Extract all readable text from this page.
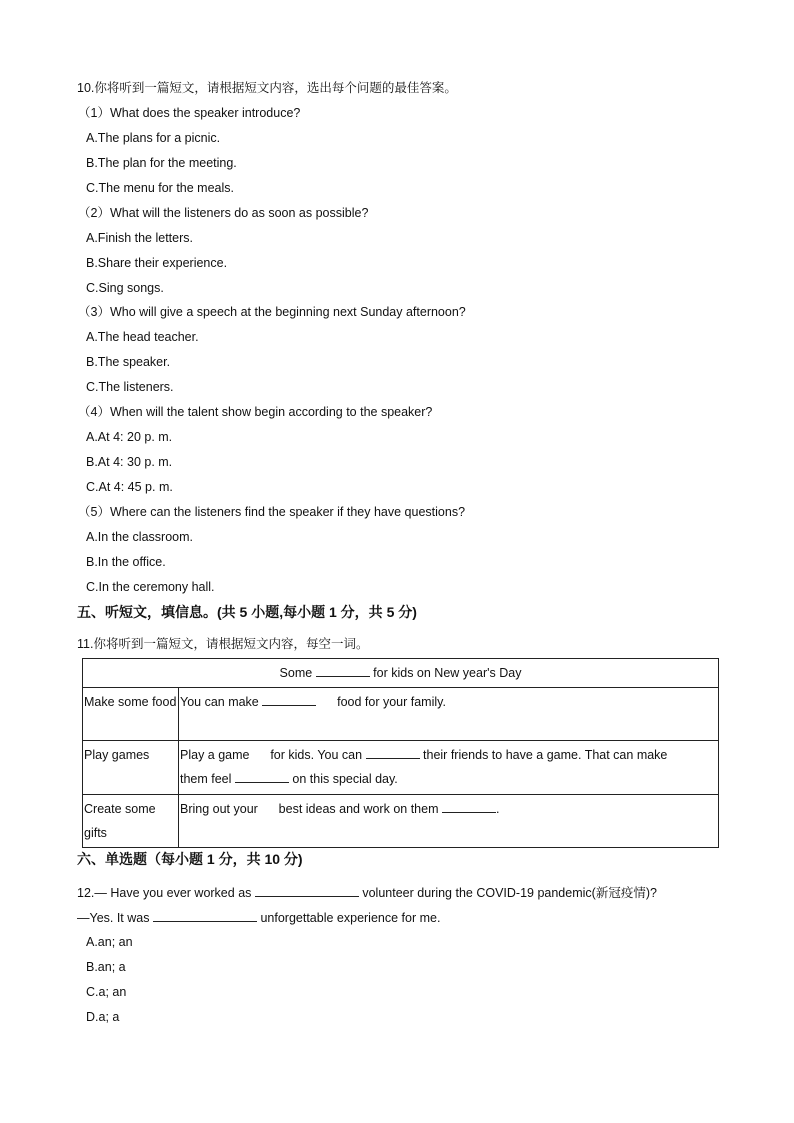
10.你将听到一篇短文，请根据短文内容，选出每个问题的最佳答案。
（1）What does the speaker introduce?
A.The plans for a picnic.
B.The plan for the meeting.
C.The menu for the meals.
（2）What will the listeners do as soon as possible?
A.Finish the letters.
B.Share their experience.
C.Sing songs.
（3）Who will give a speech at the beginning next Sunday afternoon?
A.The head teacher.
B.The speaker.
C.The listeners.
（4）When will the talent show begin according to the speaker?
A.At 4: 20 p. m.
B.At 4: 30 p. m.
C.At 4: 45 p. m.
（5）Where can the listeners find the speaker if they have questions?
A.In the classroom.
B.In the office.
C.In the ceremony hall.
五、听短文，填信息。(共 5 小题,每小题 1 分，共 5 分)
11.你将听到一篇短文，请根据短文内容，每空一词。
Some for kids on New year's Day	
Make some food	You can make food for your family.
Play games	Play a game for kids. You can their friends to have a game. That can make
them feel on this special day.
Create some gifts	Bring out your best ideas and work on them .
六、单选题（每小题 1 分，共 10 分)
12.— Have you ever worked as	volunteer during the COVID-19 pandemic(新冠疫情)?
—Yes. It was	unforgettable experience for me.
A.an; an
B.an; a
C.a; an
D.a; a
